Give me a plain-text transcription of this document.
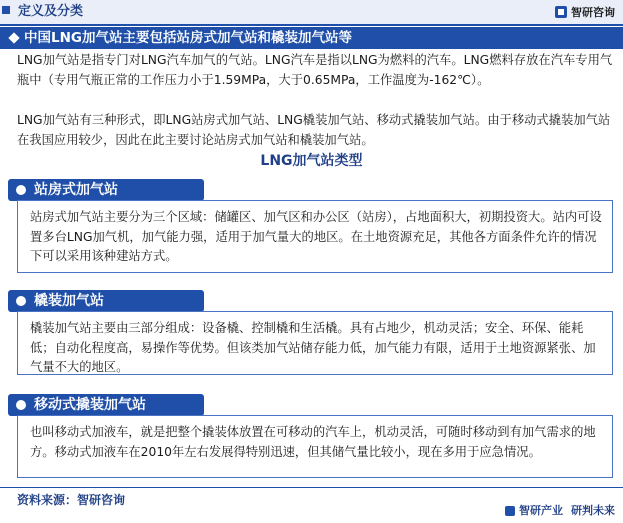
定义及分类	智研咨询
中国LNG加气站主要包括站房式加气站和橇装加气站等
LNG加气站是指专门对LNG汽车加气的气站。LNG汽车是指以LNG为燃料的汽车。LNG燃料存放在汽车专用气瓶中（专用气瓶正常的工作压力小于1.59MPa，大于0.65MPa，工作温度为-162℃）。
LNG加气站有三种形式，即LNG站房式加气站、LNG橇装加气站、移动式撬装加气站。由于移动式撬装加气站在我国应用较少，因此在此主要讨论站房式加气站和橇装加气站。
LNG加气站类型
站房式加气站
站房式加气站主要分为三个区域：储罐区、加气区和办公区（站房），占地面积大，初期投资大。站内可设置多台LNG加气机，加气能力强，适用于加气量大的地区。在土地资源充足，其他各方面条件允许的情况下可以采用该种建站方式。
橇装加气站
橇装加气站主要由三部分组成：设备橇、控制橇和生活橇。具有占地少，机动灵活；安全、环保、能耗低；自动化程度高，易操作等优势。但该类加气站储存能力低，加气能力有限，适用于土地资源紧张、加气量不大的地区。
移动式撬装加气站
也叫移动式加液车，就是把整个撬装体放置在可移动的汽车上，机动灵活，可随时移动到有加气需求的地方。移动式加液车在2010年左右发展得特别迅速，但其储气量比较小，现在多用于应急情况。
资料来源：智研咨询
智研产业 研判未来
